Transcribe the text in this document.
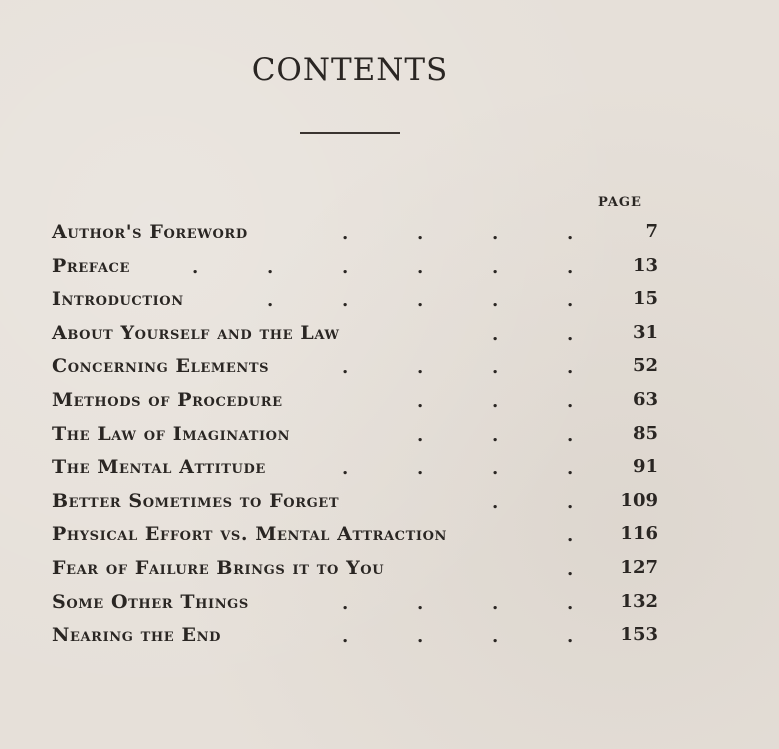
CONTENTS
PAGE
Author's Foreword	.	.	.	.	7
Preface	.	.	.	.	.	.	13
Introduction	.	.	.	.	.	15
About Yourself and the Law	.	.	31
Concerning Elements	.	.	.	.	52
Methods of Procedure	.	.	.	63
The Law of Imagination	.	.	.	85
The Mental Attitude	.	.	.	.	91
Better Sometimes to Forget	.	.	109
Physical Effort vs. Mental Attraction	.	116
Fear of Failure Brings it to You	.	127
Some Other Things	.	.	.	.	132
Nearing the End	.	.	.	.	153
